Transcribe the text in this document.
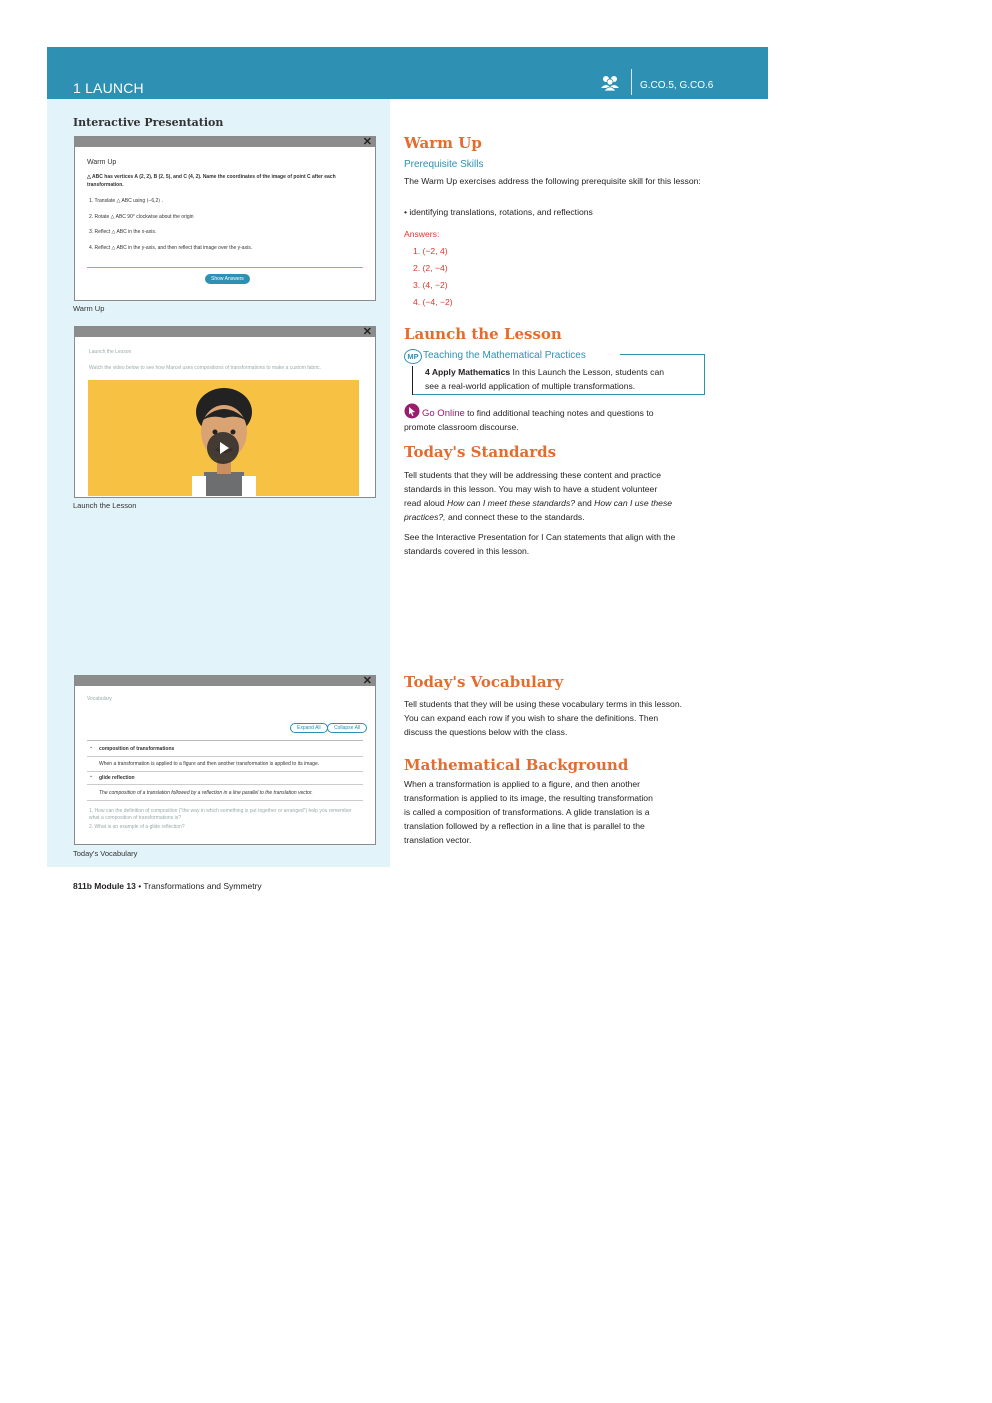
1 LAUNCH	G.CO.5, G.CO.6
Interactive Presentation
✕
Warm Up
△ ABC has vertices A (2, 2), B (2, 5), and C (4, 2). Name the coordinates of the image of point C after each transformation.
1. Translate △ ABC using ⟨−6,2⟩ .
2. Rotate △ ABC 90° clockwise about the origin
3. Reflect △ ABC in the x-axis.
4. Reflect △ ABC in the y-axis, and then reflect that image over the y-axis.
Show Answers
Warm Up
✕
Launch the Lesson
Watch the video below to see how Marcel uses compositions of transformations to make a custom fabric.
Launch the Lesson
✕
Vocabulary
Expand All	Collapse All
⌄ composition of transformations
When a transformation is applied to a figure and then another transformation is applied to its image.
⌄ glide reflection
The composition of a translation followed by a reflection in a line parallel to the translation vector.
1. How can the definition of composition ("the way in which something is put together or arranged") help you remember what a composition of transformations is?
2. What is an example of a glide reflection?
Today's Vocabulary
Warm Up
Prerequisite Skills
The Warm Up exercises address the following prerequisite skill for this lesson:
• identifying translations, rotations, and reflections
Answers:
1. (−2, 4)
2. (2, −4)
3. (4, −2)
4. (−4, −2)
Launch the Lesson
MP Teaching the Mathematical Practices
4 Apply Mathematics In this Launch the Lesson, students can
see a real-world application of multiple transformations.
Go Online to find additional teaching notes and questions to
promote classroom discourse.
Today's Standards
Tell students that they will be addressing these content and practice
standards in this lesson. You may wish to have a student volunteer
read aloud How can I meet these standards? and How can I use these
practices?, and connect these to the standards.
See the Interactive Presentation for I Can statements that align with the
standards covered in this lesson.
Today's Vocabulary
Tell students that they will be using these vocabulary terms in this lesson.
You can expand each row if you wish to share the definitions. Then
discuss the questions below with the class.
Mathematical Background
When a transformation is applied to a figure, and then another
transformation is applied to its image, the resulting transformation
is called a composition of transformations. A glide translation is a
translation followed by a reflection in a line that is parallel to the
translation vector.
811b Module 13 • Transformations and Symmetry
